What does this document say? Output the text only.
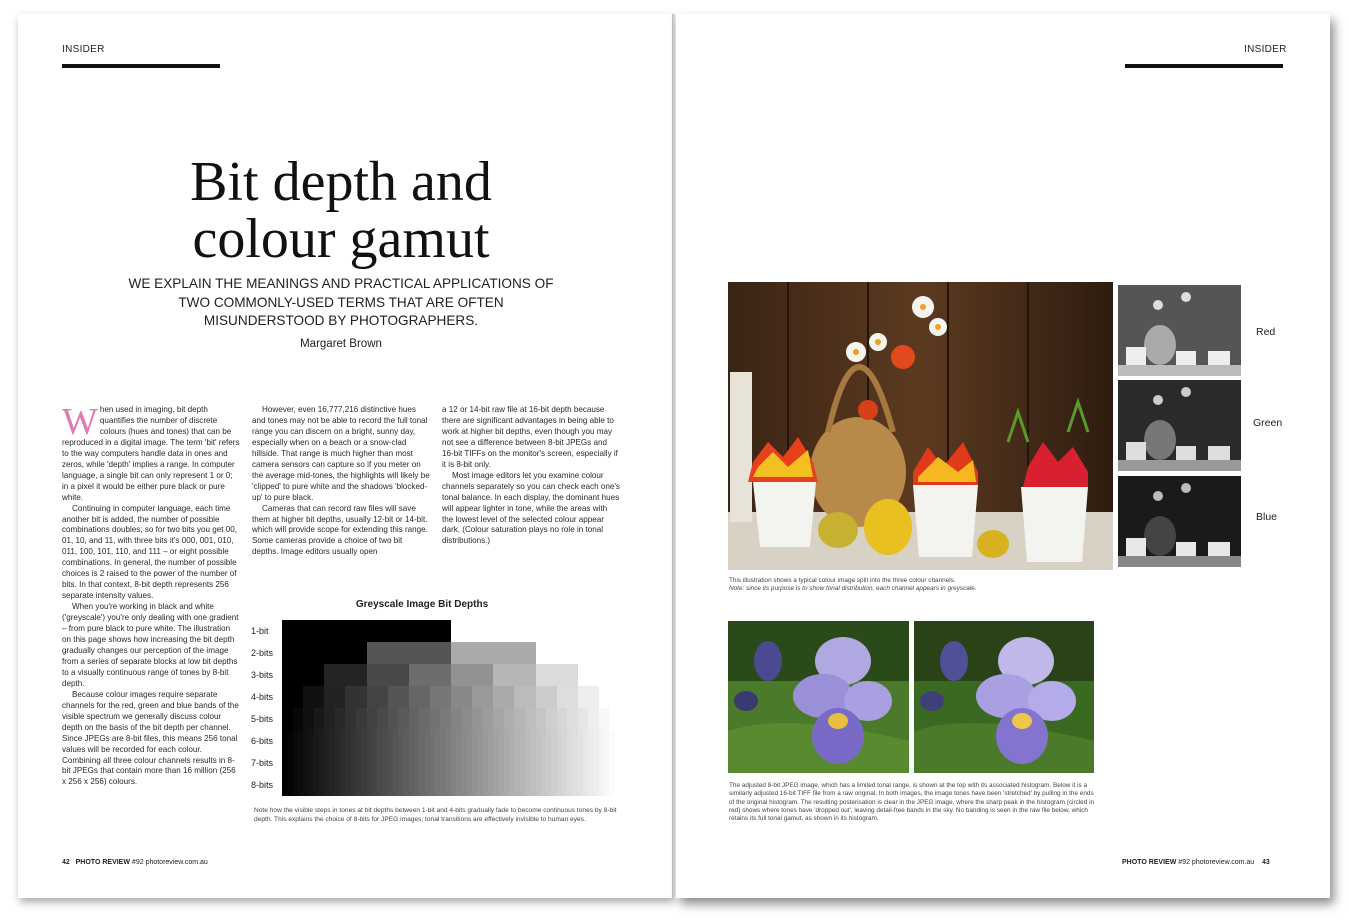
INSIDER
Bit depth and
colour gamut

WE EXPLAIN THE MEANINGS AND PRACTICAL APPLICATIONS OF TWO COMMONLY-USED TERMS THAT ARE OFTEN MISUNDERSTOOD BY PHOTOGRAPHERS.

Margaret Brown

When used in imaging, bit depth quantifies the number of discrete colours (hues and tones) that can be reproduced in a digital image. The term 'bit' refers to the way computers handle data in ones and zeros, while 'depth' implies a range. In computer language, a single bit can only represent 1 or 0; in a pixel it would be either pure black or pure white.

Continuing in computer language, each time another bit is added, the number of possible combinations doubles; so for two bits you get 00, 01, 10, and 11, with three bits it's 000, 001, 010, 011, 100, 101, 110, and 111 – or eight possible combinations. In general, the number of possible choices is 2 raised to the power of the number of bits. In that context, 8-bit depth represents 256 separate intensity values.

When you're working in black and white ('greyscale') you're only dealing with one gradient – from pure black to pure white. The illustration on this page shows how increasing the bit depth gradually changes our perception of the image from a series of separate blocks at low bit depths to a visually continuous range of tones by 8-bit depth.

Because colour images require separate channels for the red, green and blue bands of the visible spectrum we generally discuss colour depth on the basis of the bit depth per channel. Since JPEGs are 8-bit files, this means 256 tonal values will be recorded for each colour. Combining all three colour channels results in 8-bit JPEGs that contain more than 16 million (256 x 256 x 256) colours.

However, even 16,777,216 distinctive hues and tones may not be able to record the full tonal range you can discern on a bright, sunny day, especially when on a beach or a snow-clad hillside. That range is much higher than most camera sensors can capture so if you meter on the average mid-tones, the highlights will likely be 'clipped' to pure white and the shadows 'blocked-up' to pure black.

Cameras that can record raw files will save them at higher bit depths, usually 12-bit or 14-bit. which will provide scope for extending this range. Some cameras provide a choice of two bit depths. Image editors usually open

a 12 or 14-bit raw file at 16-bit depth because there are significant advantages in being able to work at higher bit depths, even though you may not see a difference between 8-bit JPEGs and 16-bit TIFFs on the monitor's screen, especially if it is 8-bit only.

Most image editors let you examine colour channels separately so you can check each one's tonal balance. In each display, the dominant hues will appear lighter in tone, while the areas with the lowest level of the selected colour appear dark. (Colour saturation plays no role in tonal distributions.)

Greyscale Image Bit Depths
1-bit
2-bits
3-bits
4-bits
5-bits
6-bits
7-bits
8-bits
Note how the visible steps in tones at bit depths between 1-bit and 4-bits gradually fade to become continuous tones by 8-bit depth. This explains the choice of 8-bits for JPEG images; tonal transitions are effectively invisible to human eyes.
42 PHOTO REVIEW #92 photoreview.com.au
INSIDER
Red
Green
Blue
This illustration shows a typical colour image split into the three colour channels.
Note: since its purpose is to show tonal distribution, each channel appears in greyscale.
The adjusted 8-bit JPEG image, which has a limited tonal range, is shown at the top with its associated histogram. Below it is a similarly adjusted 16-bit TIFF file from a raw original. In both images, the image tones have been 'stretched' by pulling in the ends of the original histogram. The resulting posterisation is clear in the JPEG image, where the sharp peak in the histogram (circled in red) shows where tones have 'dropped out', leaving detail-free bands in the sky. No banding is seen in the raw file below, which retains its full tonal gamut, as shown in its histogram.
PHOTO REVIEW #92 photoreview.com.au 43
